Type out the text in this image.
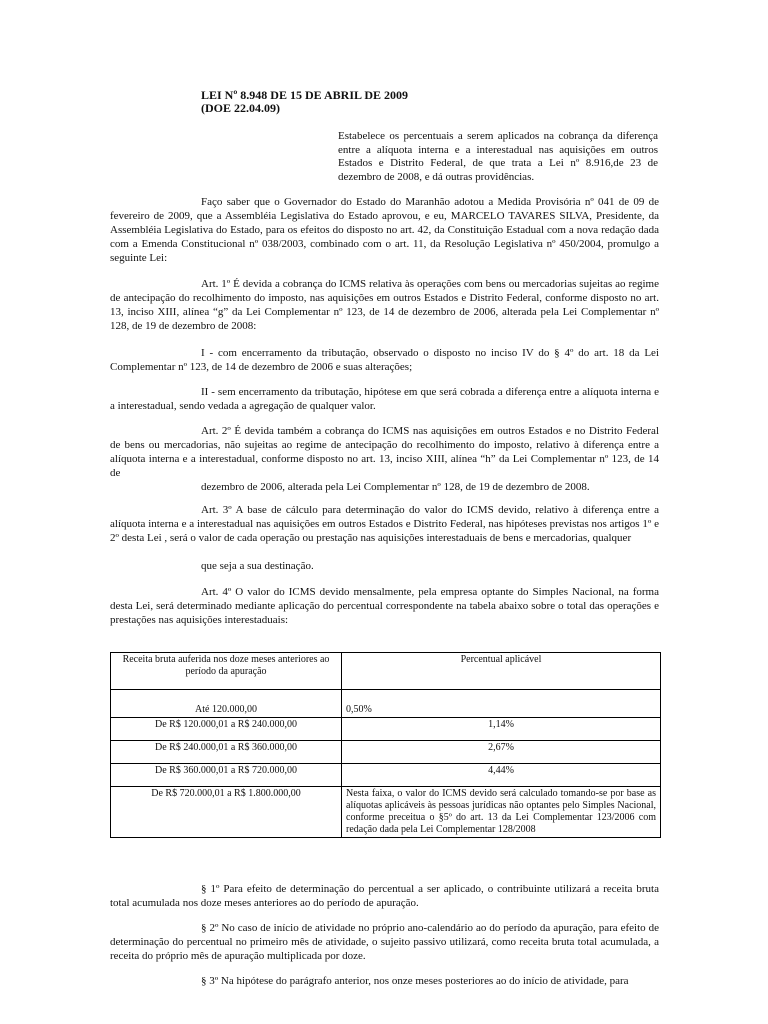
LEI Nº 8.948 DE 15 DE ABRIL DE 2009
(DOE 22.04.09)
Estabelece os percentuais a serem aplicados na cobrança da diferença entre a alíquota interna e a interestadual nas aquisições em outros Estados e Distrito Federal, de que trata a Lei nº 8.916,de 23 de dezembro de 2008, e dá outras providências.
Faço saber que o Governador do Estado do Maranhão adotou a Medida Provisória nº 041 de 09 de fevereiro de 2009, que a Assembléia Legislativa do Estado aprovou, e eu, MARCELO TAVARES SILVA, Presidente, da Assembléia Legislativa do Estado, para os efeitos do disposto no art. 42, da Constituição Estadual com a nova redação dada com a Emenda Constitucional nº 038/2003, combinado com o art. 11, da Resolução Legislativa nº 450/2004, promulgo a seguinte Lei:
Art. 1º É devida a cobrança do ICMS relativa às operações com bens ou mercadorias sujeitas ao regime de antecipação do recolhimento do imposto, nas aquisições em outros Estados e Distrito Federal, conforme disposto no art. 13, inciso XIII, alínea “g” da Lei Complementar nº 123, de 14 de dezembro de 2006, alterada pela Lei Complementar nº 128, de 19 de dezembro de 2008:
I - com encerramento da tributação, observado o disposto no inciso IV do § 4º do art. 18 da Lei Complementar nº 123, de 14 de dezembro de 2006 e suas alterações;
II - sem encerramento da tributação, hipótese em que será cobrada a diferença entre a alíquota interna e a interestadual, sendo vedada a agregação de qualquer valor.
Art. 2º É devida também a cobrança do ICMS nas aquisições em outros Estados e no Distrito Federal de bens ou mercadorias, não sujeitas ao regime de antecipação do recolhimento do imposto, relativo à diferença entre a alíquota interna e a interestadual, conforme disposto no art. 13, inciso XIII, alínea “h” da Lei Complementar nº 123, de 14 de
dezembro de 2006, alterada pela Lei Complementar nº 128, de 19 de dezembro de 2008.
Art. 3º A base de cálculo para determinação do valor do ICMS devido, relativo à diferença entre a alíquota interna e a interestadual nas aquisições em outros Estados e Distrito Federal, nas hipóteses previstas nos artigos 1º e 2º desta Lei , será o valor de cada operação ou prestação nas aquisições interestaduais de bens e mercadorias, qualquer
que seja a sua destinação.
Art. 4º O valor do ICMS devido mensalmente, pela empresa optante do Simples Nacional, na forma desta Lei, será determinado mediante aplicação do percentual correspondente na tabela abaixo sobre o total das operações e prestações nas aquisições interestaduais:
Receita bruta auferida nos doze meses anteriores ao período da apuração	Percentual aplicável
Até 120.000,00	0,50%
De R$ 120.000,01 a R$ 240.000,00	1,14%
De R$ 240.000,01 a R$ 360.000,00	2,67%
De R$ 360.000,01 a R$ 720.000,00	4,44%
De R$ 720.000,01 a R$ 1.800.000,00	Nesta faixa, o valor do ICMS devido será calculado tomando-se por base as alíquotas aplicáveis às pessoas jurídicas não optantes pelo Simples Nacional, conforme preceitua o §5º do art. 13 da Lei Complementar 123/2006 com redação dada pela Lei Complementar 128/2008
§ 1º Para efeito de determinação do percentual a ser aplicado, o contribuinte utilizará a receita bruta total acumulada nos doze meses anteriores ao do período de apuração.
§ 2º No caso de início de atividade no próprio ano-calendário ao do período da apuração, para efeito de determinação do percentual no primeiro mês de atividade, o sujeito passivo utilizará, como receita bruta total acumulada, a receita do próprio mês de apuração multiplicada por doze.
§ 3º Na hipótese do parágrafo anterior, nos onze meses posteriores ao do início de atividade, para
